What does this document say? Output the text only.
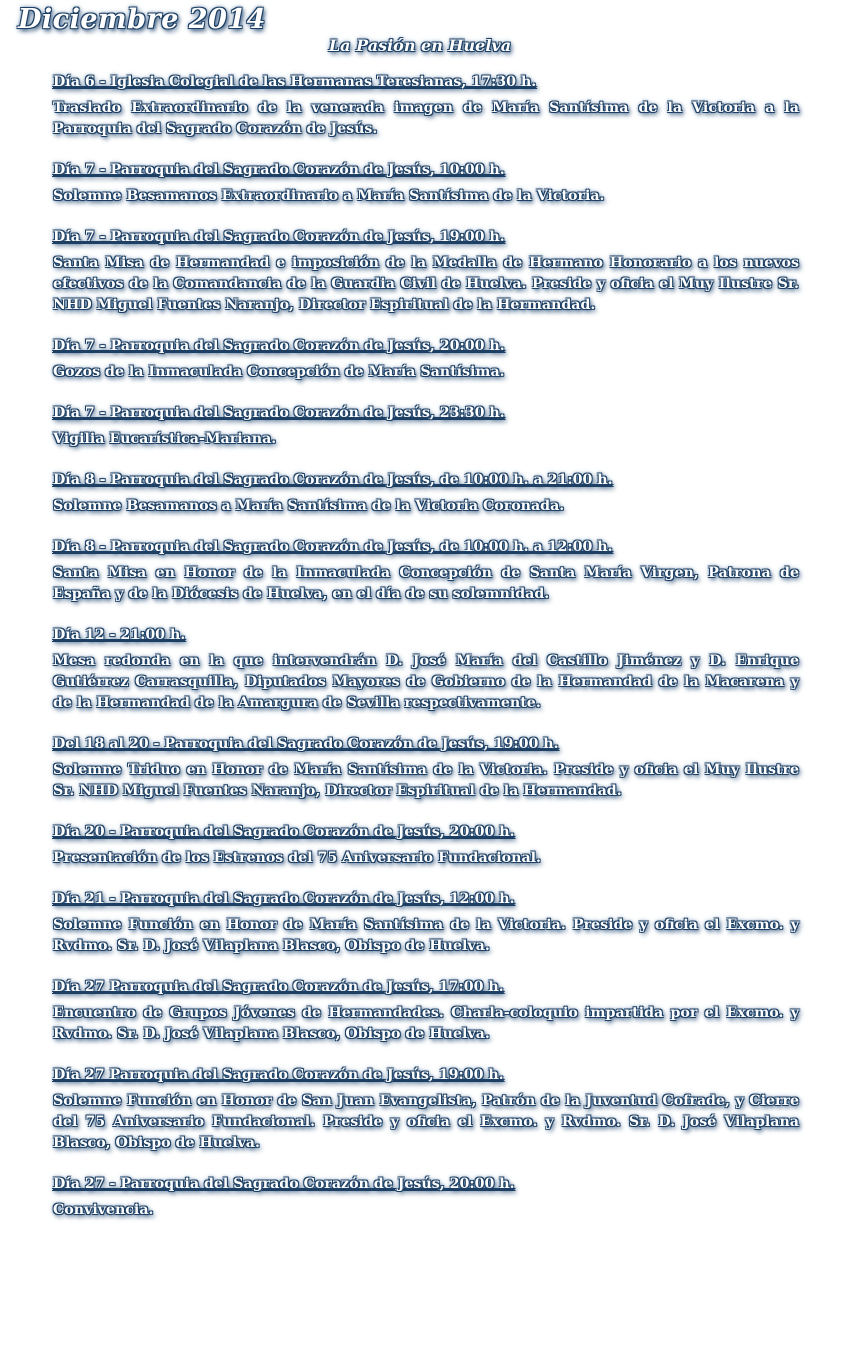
Diciembre 2014
La Pasión en Huelva
Día 6 - Iglesia Colegial de las Hermanas Teresianas, 17:30 h.
Traslado Extraordinario de la venerada imagen de María Santísima de la Victoria a la Parroquia del Sagrado Corazón de Jesús.
Día 7 - Parroquia del Sagrado Corazón de Jesús, 10:00 h.
Solemne Besamanos Extraordinario a María Santísima de la Victoria.
Día 7 - Parroquia del Sagrado Corazón de Jesús, 19:00 h.
Santa Misa de Hermandad e imposición de la Medalla de Hermano Honorario a los nuevos efectivos de la Comandancia de la Guardia Civil de Huelva. Preside y oficia el Muy Ilustre Sr. NHD Miguel Fuentes Naranjo, Director Espiritual de la Hermandad.
Día 7 - Parroquia del Sagrado Corazón de Jesús, 20:00 h.
Gozos de la Inmaculada Concepción de María Santísima.
Día 7 - Parroquia del Sagrado Corazón de Jesús, 23:30 h.
Vigilia Eucarística-Mariana.
Día 8 - Parroquia del Sagrado Corazón de Jesús, de 10:00 h. a 21:00 h.
Solemne Besamanos a María Santísima de la Victoria Coronada.
Día 8 - Parroquia del Sagrado Corazón de Jesús, de 10:00 h. a 12:00 h.
Santa Misa en Honor de la Inmaculada Concepción de Santa María Virgen, Patrona de España y de la Diócesis de Huelva, en el día de su solemnidad.
Día 12 - 21:00 h.
Mesa redonda en la que intervendrán D. José María del Castillo Jiménez y D. Enrique Gutiérrez Carrasquilla, Diputados Mayores de Gobierno de la Hermandad de la Macarena y de la Hermandad de la Amargura de Sevilla respectivamente.
Del 18 al 20 - Parroquia del Sagrado Corazón de Jesús, 19:00 h.
Solemne Triduo en Honor de María Santísima de la Victoria. Preside y oficia el Muy Ilustre Sr. NHD Miguel Fuentes Naranjo, Director Espiritual de la Hermandad.
Día 20 - Parroquia del Sagrado Corazón de Jesús, 20:00 h.
Presentación de los Estrenos del 75 Aniversario Fundacional.
Día 21 - Parroquia del Sagrado Corazón de Jesús, 12:00 h.
Solemne Función en Honor de María Santísima de la Victoria. Preside y oficia el Excmo. y Rvdmo. Sr. D. José Vilaplana Blasco, Obispo de Huelva.
Día 27 Parroquia del Sagrado Corazón de Jesús, 17:00 h.
Encuentro de Grupos Jóvenes de Hermandades. Charla-coloquio impartida por el Excmo. y Rvdmo. Sr. D. José Vilaplana Blasco, Obispo de Huelva.
Día 27 Parroquia del Sagrado Corazón de Jesús, 19:00 h.
Solemne Función en Honor de San Juan Evangelista, Patrón de la Juventud Cofrade, y Cierre del 75 Aniversario Fundacional. Preside y oficia el Excmo. y Rvdmo. Sr. D. José Vilaplana Blasco, Obispo de Huelva.
Día 27 - Parroquia del Sagrado Corazón de Jesús, 20:00 h.
Convivencia.
